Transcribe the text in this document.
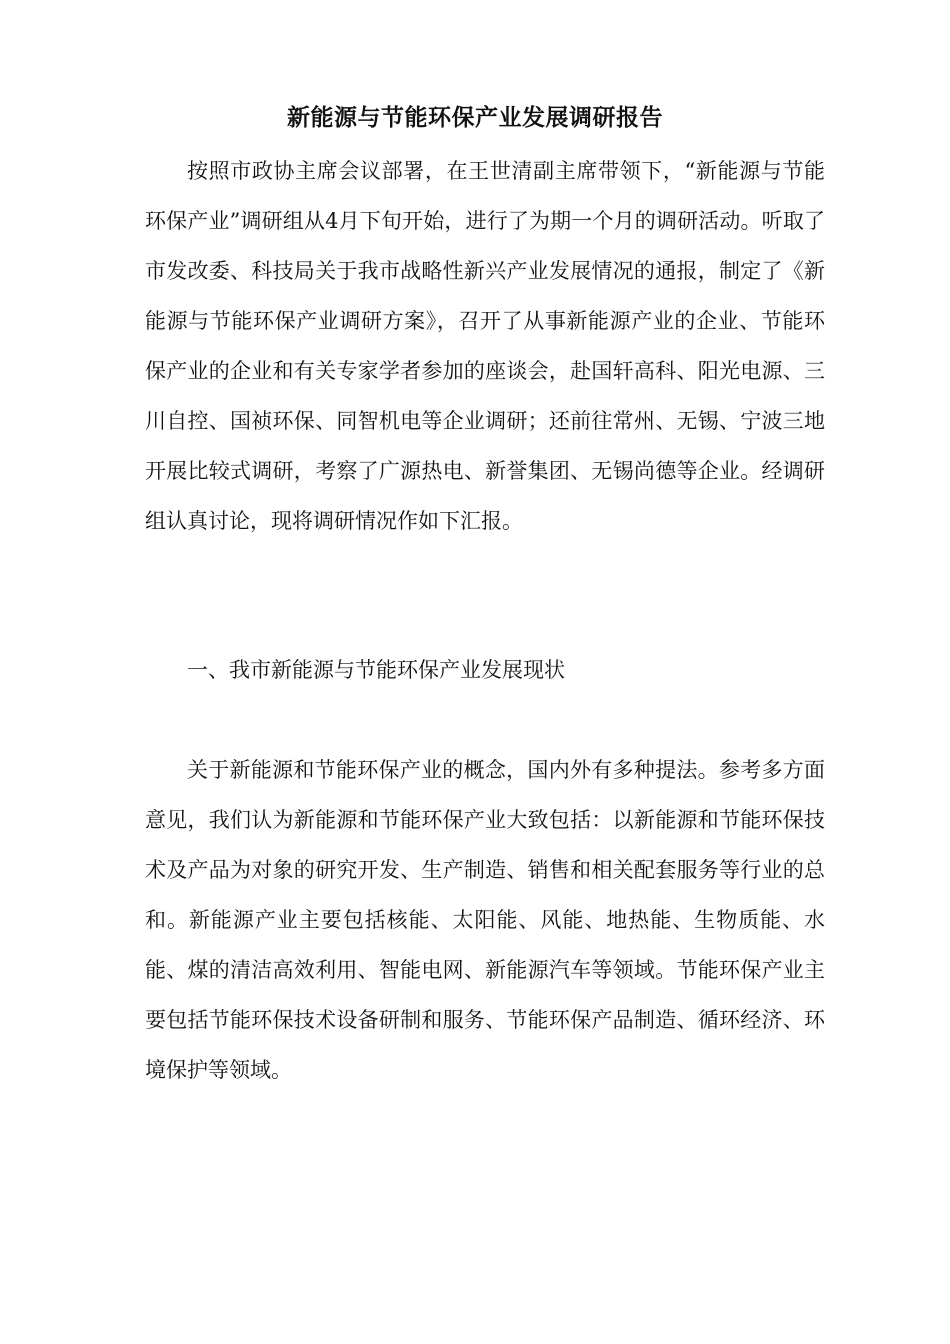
新能源与节能环保产业发展调研报告

按照市政协主席会议部署，在王世清副主席带领下，“新能源与节能环保产业”调研组从4月下旬开始，进行了为期一个月的调研活动。听取了市发改委、科技局关于我市战略性新兴产业发展情况的通报，制定了《新能源与节能环保产业调研方案》，召开了从事新能源产业的企业、节能环保产业的企业和有关专家学者参加的座谈会，赴国轩高科、阳光电源、三川自控、国祯环保、同智机电等企业调研；还前往常州、无锡、宁波三地开展比较式调研，考察了广源热电、新誉集团、无锡尚德等企业。经调研组认真讨论，现将调研情况作如下汇报。

一、我市新能源与节能环保产业发展现状

关于新能源和节能环保产业的概念，国内外有多种提法。参考多方面意见，我们认为新能源和节能环保产业大致包括：以新能源和节能环保技术及产品为对象的研究开发、生产制造、销售和相关配套服务等行业的总和。新能源产业主要包括核能、太阳能、风能、地热能、生物质能、水能、煤的清洁高效利用、智能电网、新能源汽车等领域。节能环保产业主要包括节能环保技术设备研制和服务、节能环保产品制造、循环经济、环境保护等领域。
